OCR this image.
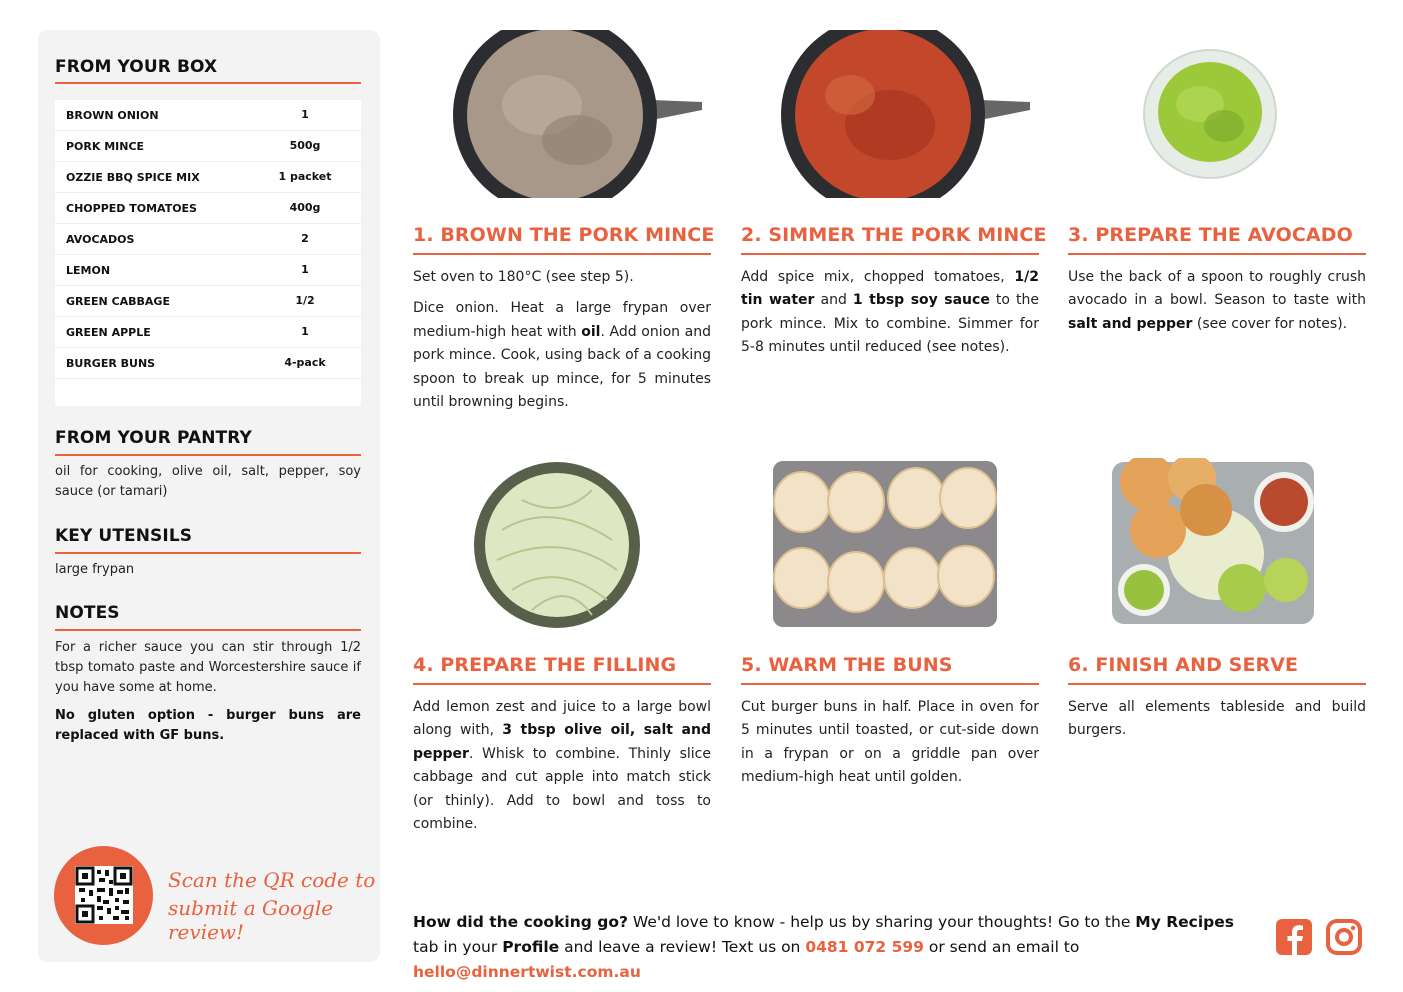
FROM YOUR BOX
BROWN ONION	1
PORK MINCE	500g
OZZIE BBQ SPICE MIX	1 packet
CHOPPED TOMATOES	400g
AVOCADOS	2
LEMON	1
GREEN CABBAGE	1/2
GREEN APPLE	1
BURGER BUNS	4-pack
FROM YOUR PANTRY
oil for cooking, olive oil, salt, pepper, soy sauce (or tamari)
KEY UTENSILS
large frypan
NOTES
For a richer sauce you can stir through 1/2 tbsp tomato paste and Worcestershire sauce if you have some at home.
No gluten option - burger buns are replaced with GF buns.
Scan the QR code to
submit a Google review!
1. BROWN THE PORK MINCE

Set oven to 180°C (see step 5).

Dice onion. Heat a large frypan over medium-high heat with oil. Add onion and pork mince. Cook, using back of a cooking spoon to break up mince, for 5 minutes until browning begins.

2. SIMMER THE PORK MINCE

Add spice mix, chopped tomatoes, 1/2 tin water and 1 tbsp soy sauce to the pork mince. Mix to combine. Simmer for 5-8 minutes until reduced (see notes).

3. PREPARE THE AVOCADO

Use the back of a spoon to roughly crush avocado in a bowl. Season to taste with salt and pepper (see cover for notes).

4. PREPARE THE FILLING

Add lemon zest and juice to a large bowl along with, 3 tbsp olive oil, salt and pepper. Whisk to combine. Thinly slice cabbage and cut apple into match stick (or thinly). Add to bowl and toss to combine.

5. WARM THE BUNS

Cut burger buns in half. Place in oven for 5 minutes until toasted, or cut-side down in a frypan or on a griddle pan over medium-high heat until golden.

6. FINISH AND SERVE

Serve all elements tableside and build burgers.

How did the cooking go? We'd love to know - help us by sharing your thoughts! Go to the My Recipes tab in your Profile and leave a review! Text us on 0481 072 599 or send an email to hello@dinnertwist.com.au
